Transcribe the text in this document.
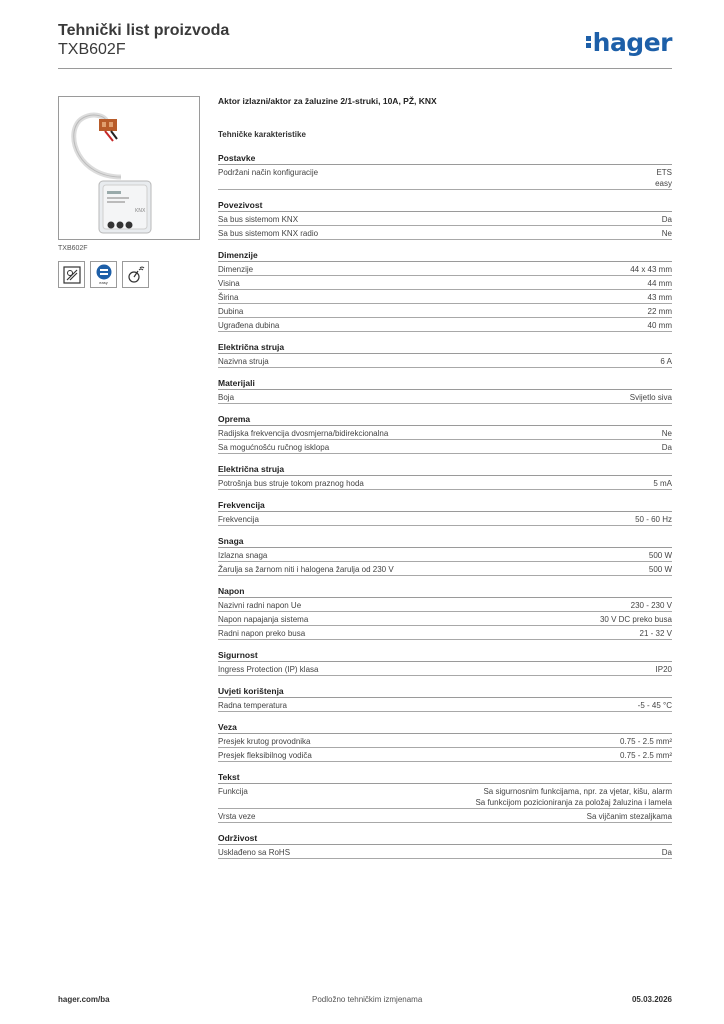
Tehnički list proizvoda
TXB602F	hager
KNX
TXB602F
easy
Aktor izlazni/aktor za žaluzine 2/1-struki, 10A, PŽ, KNX
Tehničke karakteristike
Postavke
Podržani način konfiguracije	ETS
easy
Povezivost
Sa bus sistemom KNX	Da
Sa bus sistemom KNX radio	Ne
Dimenzije
Dimenzije	44 x 43 mm
Visina	44 mm
Širina	43 mm
Dubina	22 mm
Ugrađena dubina	40 mm
Električna struja
Nazivna struja	6 A
Materijali
Boja	Svijetlo siva
Oprema
Radijska frekvencija dvosmjerna/bidirekcionalna	Ne
Sa mogućnošću ručnog isklopa	Da
Električna struja
Potrošnja bus struje tokom praznog hoda	5 mA
Frekvencija
Frekvencija	50 - 60 Hz
Snaga
Izlazna snaga	500 W
Žarulja sa žarnom niti i halogena žarulja od 230 V	500 W
Napon
Nazivni radni napon Ue	230 - 230 V
Napon napajanja sistema	30 V DC preko busa
Radni napon preko busa	21 - 32 V
Sigurnost
Ingress Protection (IP) klasa	IP20
Uvjeti korištenja
Radna temperatura	-5 - 45 °C
Veza
Presjek krutog provodnika	0.75 - 2.5 mm²
Presjek fleksibilnog vodiča	0.75 - 2.5 mm²
Tekst
Funkcija	Sa sigurnosnim funkcijama, npr. za vjetar, kišu, alarm
Sa funkcijom pozicioniranja za položaj žaluzina i lamela
Vrsta veze	Sa vijčanim stezaljkama
Održivost
Usklađeno sa RoHS	Da
hager.com/ba	Podložno tehničkim izmjenama	05.03.2026
